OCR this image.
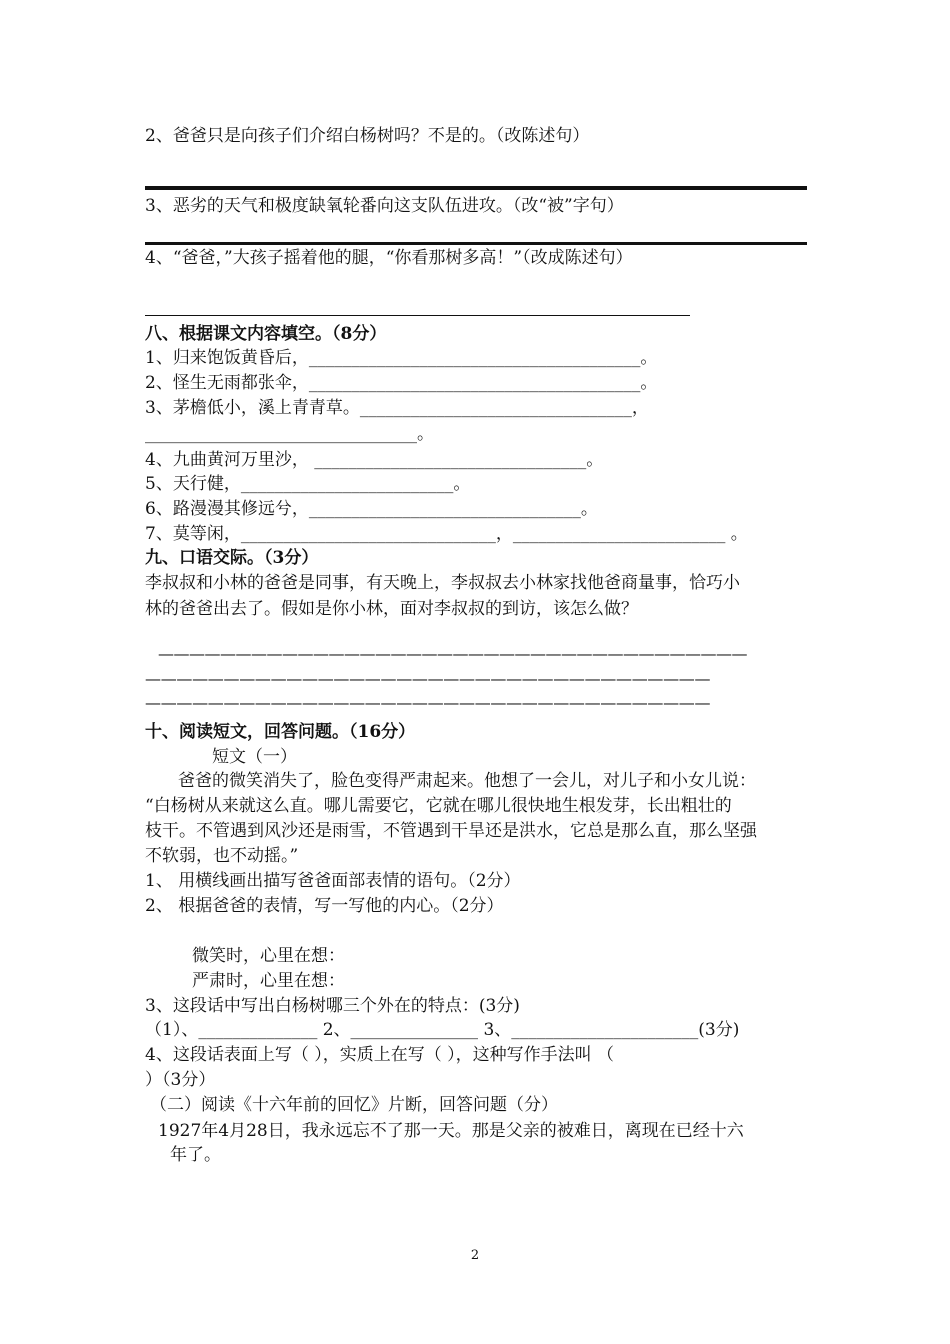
2、爸爸只是向孩子们介绍白杨树吗？不是的。（改陈述句）
3、恶劣的天气和极度缺氧轮番向这支队伍进攻。（改“被”字句）
4、“爸爸，”大孩子摇着他的腿，“你看那树多高！”（改成陈述句）
八、根据课文内容填空。（8分）
1、归来饱饭黄昏后，_______________________________________。
2、怪生无雨都张伞，_______________________________________。
3、茅檐低小，溪上青青草。________________________________，
________________________________。
4、九曲黄河万里沙， ________________________________。
5、天行健，_________________________。
6、路漫漫其修远兮，________________________________。
7、莫等闲，______________________________，_________________________ 。
九、口语交际。（3分）
李叔叔和小林的爸爸是同事，有天晚上，李叔叔去小林家找他爸商量事，恰巧小
林的爸爸出去了。假如是你小林，面对李叔叔的到访，该怎么做？
——————————————————————————————————————
————————————————————————————————————
————————————————————————————————————
十、阅读短文，回答问题。（16分）
短文（一）
爸爸的微笑消失了，脸色变得严肃起来。他想了一会儿，对儿子和小女儿说：
“白杨树从来就这么直。哪儿需要它，它就在哪儿很快地生根发芽，长出粗壮的
枝干。不管遇到风沙还是雨雪，不管遇到干旱还是洪水，它总是那么直，那么坚强
不软弱，也不动摇。”
1、 用横线画出描写爸爸面部表情的语句。（2分）
2、 根据爸爸的表情，写一写他的内心。（2分）
微笑时，心里在想：
严肃时，心里在想：
3、这段话中写出白杨树哪三个外在的特点：(3分)
（1）、______________ 2、_______________ 3、______________________(3分)
4、这段话表面上写（ ），实质上在写（ ），这种写作手法叫 （
）（3分）
（二）阅读《十六年前的回忆》片断，回答问题（分）
1927年4月28日，我永远忘不了那一天。那是父亲的被难日，离现在已经十六
年了。
2
